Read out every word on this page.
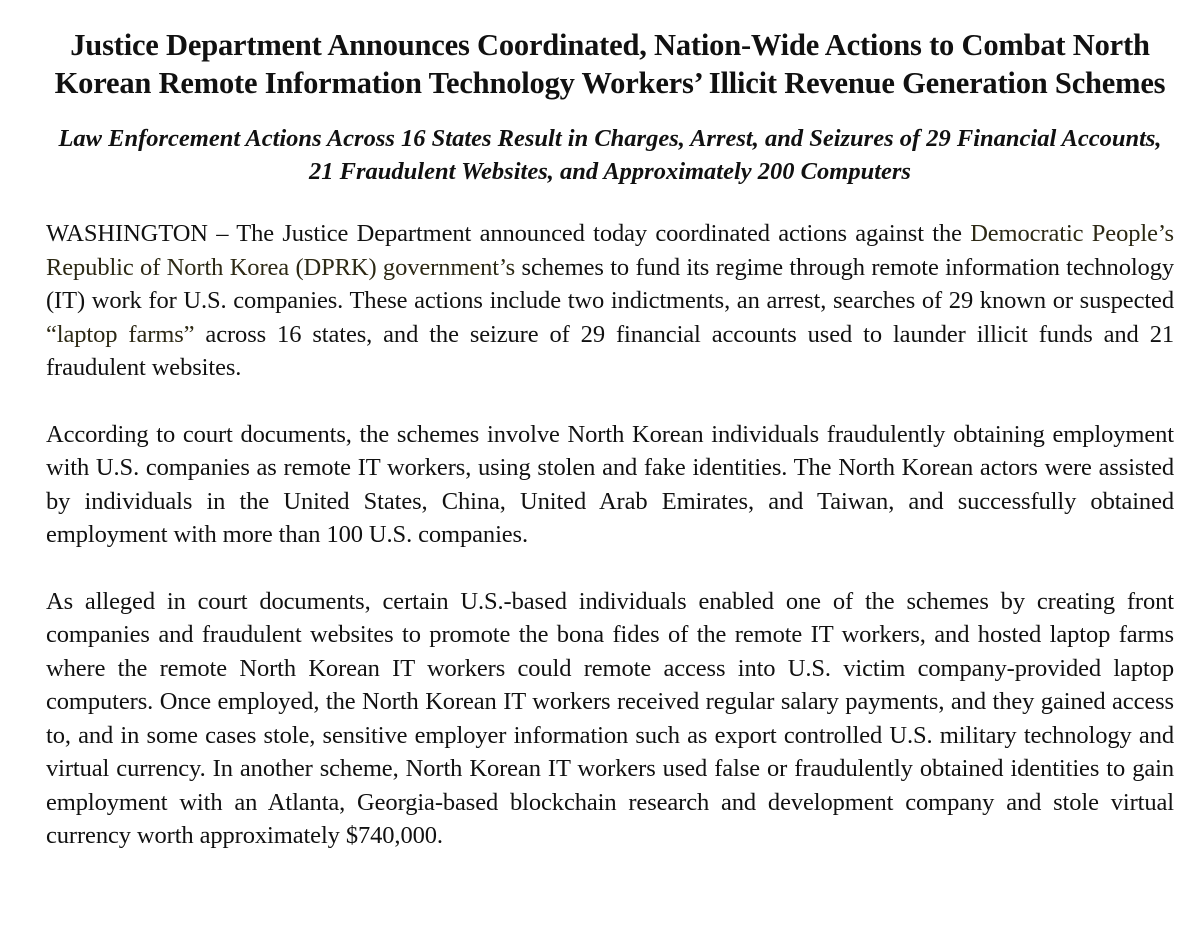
Justice Department Announces Coordinated, Nation-Wide Actions to Combat North Korean Remote Information Technology Workers’ Illicit Revenue Generation Schemes
Law Enforcement Actions Across 16 States Result in Charges, Arrest, and Seizures of 29 Financial Accounts, 21 Fraudulent Websites, and Approximately 200 Computers

WASHINGTON – The Justice Department announced today coordinated actions against the Democratic People’s Republic of North Korea (DPRK) government’s schemes to fund its regime through remote information technology (IT) work for U.S. companies. These actions include two indictments, an arrest, searches of 29 known or suspected “laptop farms” across 16 states, and the seizure of 29 financial accounts used to launder illicit funds and 21 fraudulent websites.

According to court documents, the schemes involve North Korean individuals fraudulently obtaining employment with U.S. companies as remote IT workers, using stolen and fake identities. The North Korean actors were assisted by individuals in the United States, China, United Arab Emirates, and Taiwan, and successfully obtained employment with more than 100 U.S. companies.

As alleged in court documents, certain U.S.-based individuals enabled one of the schemes by creating front companies and fraudulent websites to promote the bona fides of the remote IT workers, and hosted laptop farms where the remote North Korean IT workers could remote access into U.S. victim company-provided laptop computers. Once employed, the North Korean IT workers received regular salary payments, and they gained access to, and in some cases stole, sensitive employer information such as export controlled U.S. military technology and virtual currency. In another scheme, North Korean IT workers used false or fraudulently obtained identities to gain employment with an Atlanta, Georgia-based blockchain research and development company and stole virtual currency worth approximately $740,000.
